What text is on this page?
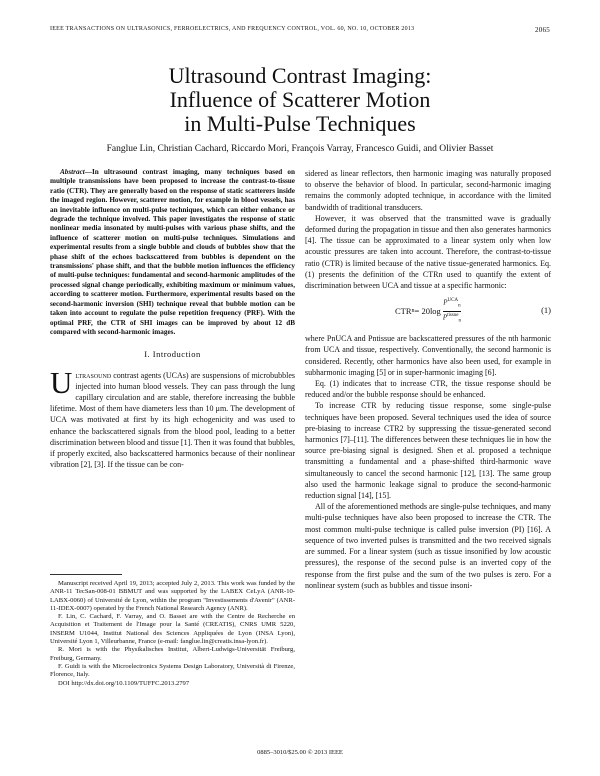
IEEE TRANSACTIONS ON ULTRASONICS, FERROELECTRICS, AND FREQUENCY CONTROL, VOL. 60, NO. 10, OCTOBER 2013	2065
Ultrasound Contrast Imaging:
Influence of Scatterer Motion
in Multi-Pulse Techniques
Fanglue Lin, Christian Cachard, Riccardo Mori, François Varray, Francesco Guidi, and Olivier Basset

Abstract—In ultrasound contrast imaging, many techniques based on multiple transmissions have been proposed to increase the contrast-to-tissue ratio (CTR). They are generally based on the response of static scatterers inside the imaged region. However, scatterer motion, for example in blood vessels, has an inevitable influence on multi-pulse techniques, which can either enhance or degrade the technique involved. This paper investigates the response of static nonlinear media insonated by multi-pulses with various phase shifts, and the influence of scatterer motion on multi-pulse techniques. Simulations and experimental results from a single bubble and clouds of bubbles show that the phase shift of the echoes backscattered from bubbles is dependent on the transmissions' phase shift, and that the bubble motion influences the efficiency of multi-pulse techniques: fundamental and second-harmonic amplitudes of the processed signal change periodically, exhibiting maximum or minimum values, according to scatterer motion. Furthermore, experimental results based on the second-harmonic inversion (SHI) technique reveal that bubble motion can be taken into account to regulate the pulse repetition frequency (PRF). With the optimal PRF, the CTR of SHI images can be improved by about 12 dB compared with second-harmonic images.

I. Introduction

Ultrasound contrast agents (UCAs) are suspensions of microbubbles injected into human blood vessels. They can pass through the lung capillary circulation and are stable, therefore increasing the bubble lifetime. Most of them have diameters less than 10 μm. The development of UCA was motivated at first by its high echogenicity and was used to enhance the backscattered signals from the blood pool, leading to a better discrimination between blood and tissue [1]. Then it was found that bubbles, if properly excited, also backscattered harmonics because of their nonlinear vibration [2], [3]. If the tissue can be con-

Manuscript received April 19, 2013; accepted July 2, 2013. This work was funded by the ANR-11 TecSan-008-01 BBMUT and was supported by the LABEX CeLyA (ANR-10-LABX-0060) of Université de Lyon, within the program "Investissements d'Avenir" (ANR-11-IDEX-0007) operated by the French National Research Agency (ANR).

F. Lin, C. Cachard, F. Varray, and O. Basset are with the Centre de Recherche en Acquisition et Traitement de l'Image pour la Santé (CREATIS), CNRS UMR 5220, INSERM U1044, Institut National des Sciences Appliquées de Lyon (INSA Lyon), Université Lyon 1, Villeurbanne, France (e-mail: fanglue.lin@creatis.insa-lyon.fr).

R. Mori is with the Physikalisches Institut, Albert-Ludwigs-Universität Freiburg, Freiburg, Germany.

F. Guidi is with the Microelectronics Systems Design Laboratory, Università di Firenze, Florence, Italy.

DOI http://dx.doi.org/10.1109/TUFFC.2013.2797

sidered as linear reflectors, then harmonic imaging was naturally proposed to observe the behavior of blood. In particular, second-harmonic imaging remains the commonly adopted technique, in accordance with the limited bandwidth of traditional transducers.

However, it was observed that the transmitted wave is gradually deformed during the propagation in tissue and then also generates harmonics [4]. The tissue can be approximated to a linear system only when low acoustic pressures are taken into account. Therefore, the contrast-to-tissue ratio (CTR) is limited because of the native tissue-generated harmonics. Eq. (1) presents the definition of the CTRn used to quantify the extent of discrimination between UCA and tissue at a specific harmonic:

CTR $n = 20\log \frac{P^{UCA}_n}{P^{tissue}_n}$	(1)

where PnUCA and Pntissue are backscattered pressures of the nth harmonic from UCA and tissue, respectively. Conventionally, the second harmonic is considered. Recently, other harmonics have also been used, for example in subharmonic imaging [5] or in super-harmonic imaging [6].

Eq. (1) indicates that to increase CTR, the tissue response should be reduced and/or the bubble response should be enhanced.

To increase CTR by reducing tissue response, some single-pulse techniques have been proposed. Several techniques used the idea of source pre-biasing to increase CTR2 by suppressing the tissue-generated second harmonics [7]–[11]. The differences between these techniques lie in how the source pre-biasing signal is designed. Shen et al. proposed a technique transmitting a fundamental and a phase-shifted third-harmonic wave simultaneously to cancel the second harmonic [12], [13]. The same group also used the harmonic leakage signal to produce the second-harmonic reduction signal [14], [15].

All of the aforementioned methods are single-pulse techniques, and many multi-pulse techniques have also been proposed to increase the CTR. The most common multi-pulse technique is called pulse inversion (PI) [16]. A sequence of two inverted pulses is transmitted and the two received signals are summed. For a linear system (such as tissue insonified by low acoustic pressures), the response of the second pulse is an inverted copy of the response from the first pulse and the sum of the two pulses is zero. For a nonlinear system (such as bubbles and tissue insoni-

0885–3010/$25.00 © 2013 IEEE
